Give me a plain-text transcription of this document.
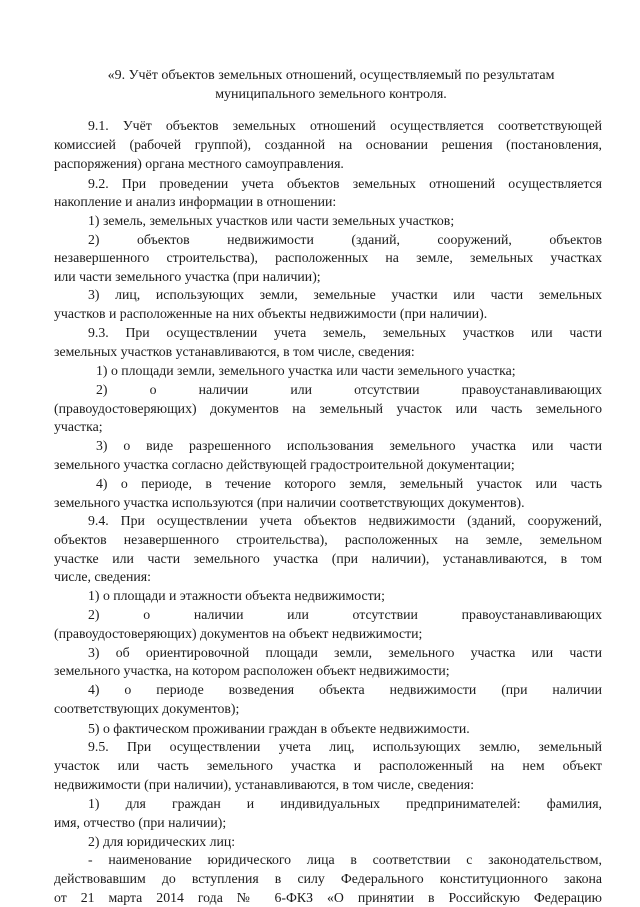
«9. Учёт объектов земельных отношений, осуществляемый по результатам
муниципального земельного контроля.
9.1. Учёт объектов земельных отношений осуществляется соответствующей
комиссией (рабочей группой), созданной на основании решения (постановления,
распоряжения) органа местного самоуправления.
9.2. При проведении учета объектов земельных отношений осуществляется
накопление и анализ информации в отношении:
1) земель, земельных участков или части земельных участков;
2) объектов недвижимости (зданий, сооружений, объектов
незавершенного строительства), расположенных на земле, земельных участках
или части земельного участка (при наличии);
3) лиц, использующих земли, земельные участки или части земельных
участков и расположенные на них объекты недвижимости (при наличии).
9.3. При осуществлении учета земель, земельных участков или части
земельных участков устанавливаются, в том числе, сведения:
1) о площади земли, земельного участка или части земельного участка;
2) о наличии или отсутствии правоустанавливающих
(правоудостоверяющих) документов на земельный участок или часть земельного
участка;
3) о виде разрешенного использования земельного участка или части
земельного участка согласно действующей градостроительной документации;
4) о периоде, в течение которого земля, земельный участок или часть
земельного участка используются (при наличии соответствующих документов).
9.4. При осуществлении учета объектов недвижимости (зданий, сооружений,
объектов незавершенного строительства), расположенных на земле, земельном
участке или части земельного участка (при наличии), устанавливаются, в том
числе, сведения:
1) о площади и этажности объекта недвижимости;
2) о наличии или отсутствии правоустанавливающих
(правоудостоверяющих) документов на объект недвижимости;
3) об ориентировочной площади земли, земельного участка или части
земельного участка, на котором расположен объект недвижимости;
4) о периоде возведения объекта недвижимости (при наличии
соответствующих документов);
5) о фактическом проживании граждан в объекте недвижимости.
9.5. При осуществлении учета лиц, использующих землю, земельный
участок или часть земельного участка и расположенный на нем объект
недвижимости (при наличии), устанавливаются, в том числе, сведения:
1) для граждан и индивидуальных предпринимателей: фамилия,
имя, отчество (при наличии);
2) для юридических лиц:
- наименование юридического лица в соответствии с законодательством,
действовавшим до вступления в силу Федерального конституционного закона
от 21 марта 2014 года № 6-ФКЗ «О принятии в Российскую Федерацию
